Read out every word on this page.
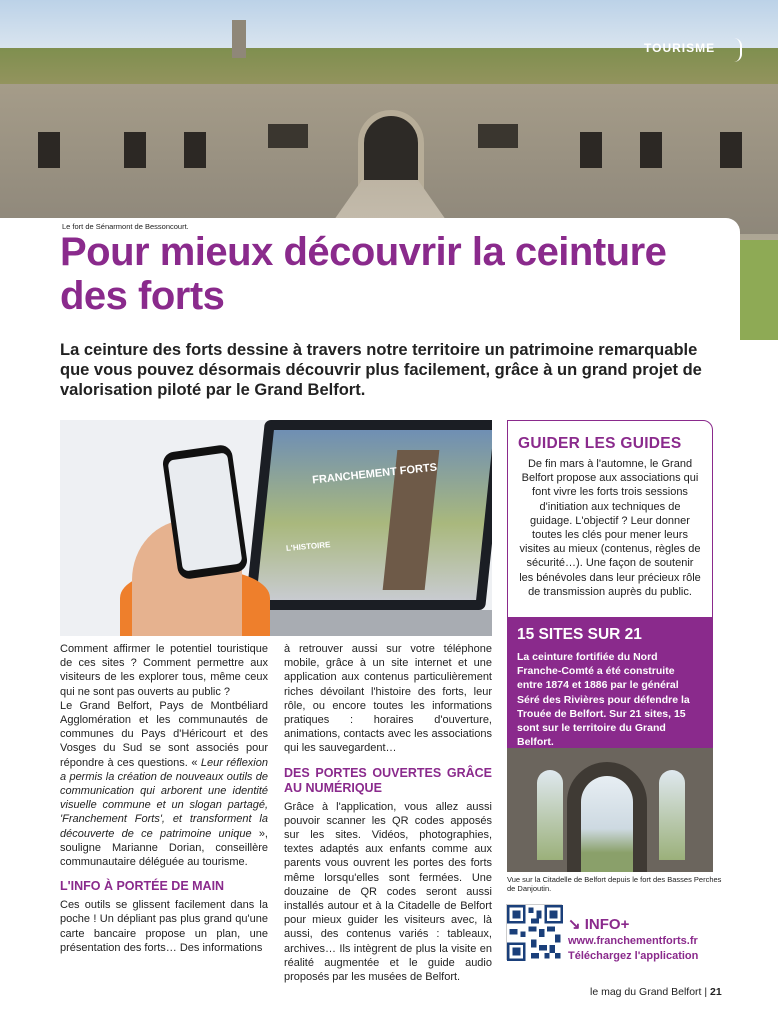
TOURISME
Le fort de Sénarmont de Bessoncourt.
Pour mieux découvrir la ceinture des forts

La ceinture des forts dessine à travers notre territoire un patrimoine remarquable que vous pouvez désormais découvrir plus facilement, grâce à un grand projet de valorisation piloté par le Grand Belfort.

FRANCHEMENT FORTS
L'HISTOIRE

Comment affirmer le potentiel touristique de ces sites ? Comment permettre aux visiteurs de les explorer tous, même ceux qui ne sont pas ouverts au public ?

Le Grand Belfort, Pays de Montbéliard Agglomération et les communautés de communes du Pays d'Héricourt et des Vosges du Sud se sont associés pour répondre à ces questions. « Leur réflexion a permis la création de nouveaux outils de communication qui arborent une identité visuelle commune et un slogan partagé, 'Franchement Forts', et transforment la découverte de ce patrimoine unique », souligne Marianne Dorian, conseillère communautaire déléguée au tourisme.

L'INFO À PORTÉE DE MAIN

Ces outils se glissent facilement dans la poche ! Un dépliant pas plus grand qu'une carte bancaire propose un plan, une présentation des forts… Des informations

à retrouver aussi sur votre téléphone mobile, grâce à un site internet et une application aux contenus particulièrement riches dévoilant l'histoire des forts, leur rôle, ou encore toutes les informations pratiques : horaires d'ouverture, animations, contacts avec les associations qui les sauvegardent…

DES PORTES OUVERTES GRÂCE AU NUMÉRIQUE

Grâce à l'application, vous allez aussi pouvoir scanner les QR codes apposés sur les sites. Vidéos, photographies, textes adaptés aux enfants comme aux parents vous ouvrent les portes des forts même lorsqu'elles sont fermées. Une douzaine de QR codes seront aussi installés autour et à la Citadelle de Belfort pour mieux guider les visiteurs avec, là aussi, des contenus variés : tableaux, archives… Ils intègrent de plus la visite en réalité augmentée et le guide audio proposés par les musées de Belfort.

GUIDER LES GUIDES

De fin mars à l'automne, le Grand Belfort propose aux associations qui font vivre les forts trois sessions d'initiation aux techniques de guidage. L'objectif ? Leur donner toutes les clés pour mener leurs visites au mieux (contenus, règles de sécurité…). Une façon de soutenir les bénévoles dans leur précieux rôle de transmission auprès du public.

15 SITES SUR 21

La ceinture fortifiée du Nord Franche-Comté a été construite entre 1874 et 1886 par le général Séré des Rivières pour défendre la Trouée de Belfort. Sur 21 sites, 15 sont sur le territoire du Grand Belfort.

Vue sur la Citadelle de Belfort depuis le fort des Basses Perches de Danjoutin.
↘ INFO+
www.franchementforts.fr
Téléchargez l'application
le mag du Grand Belfort | 21
